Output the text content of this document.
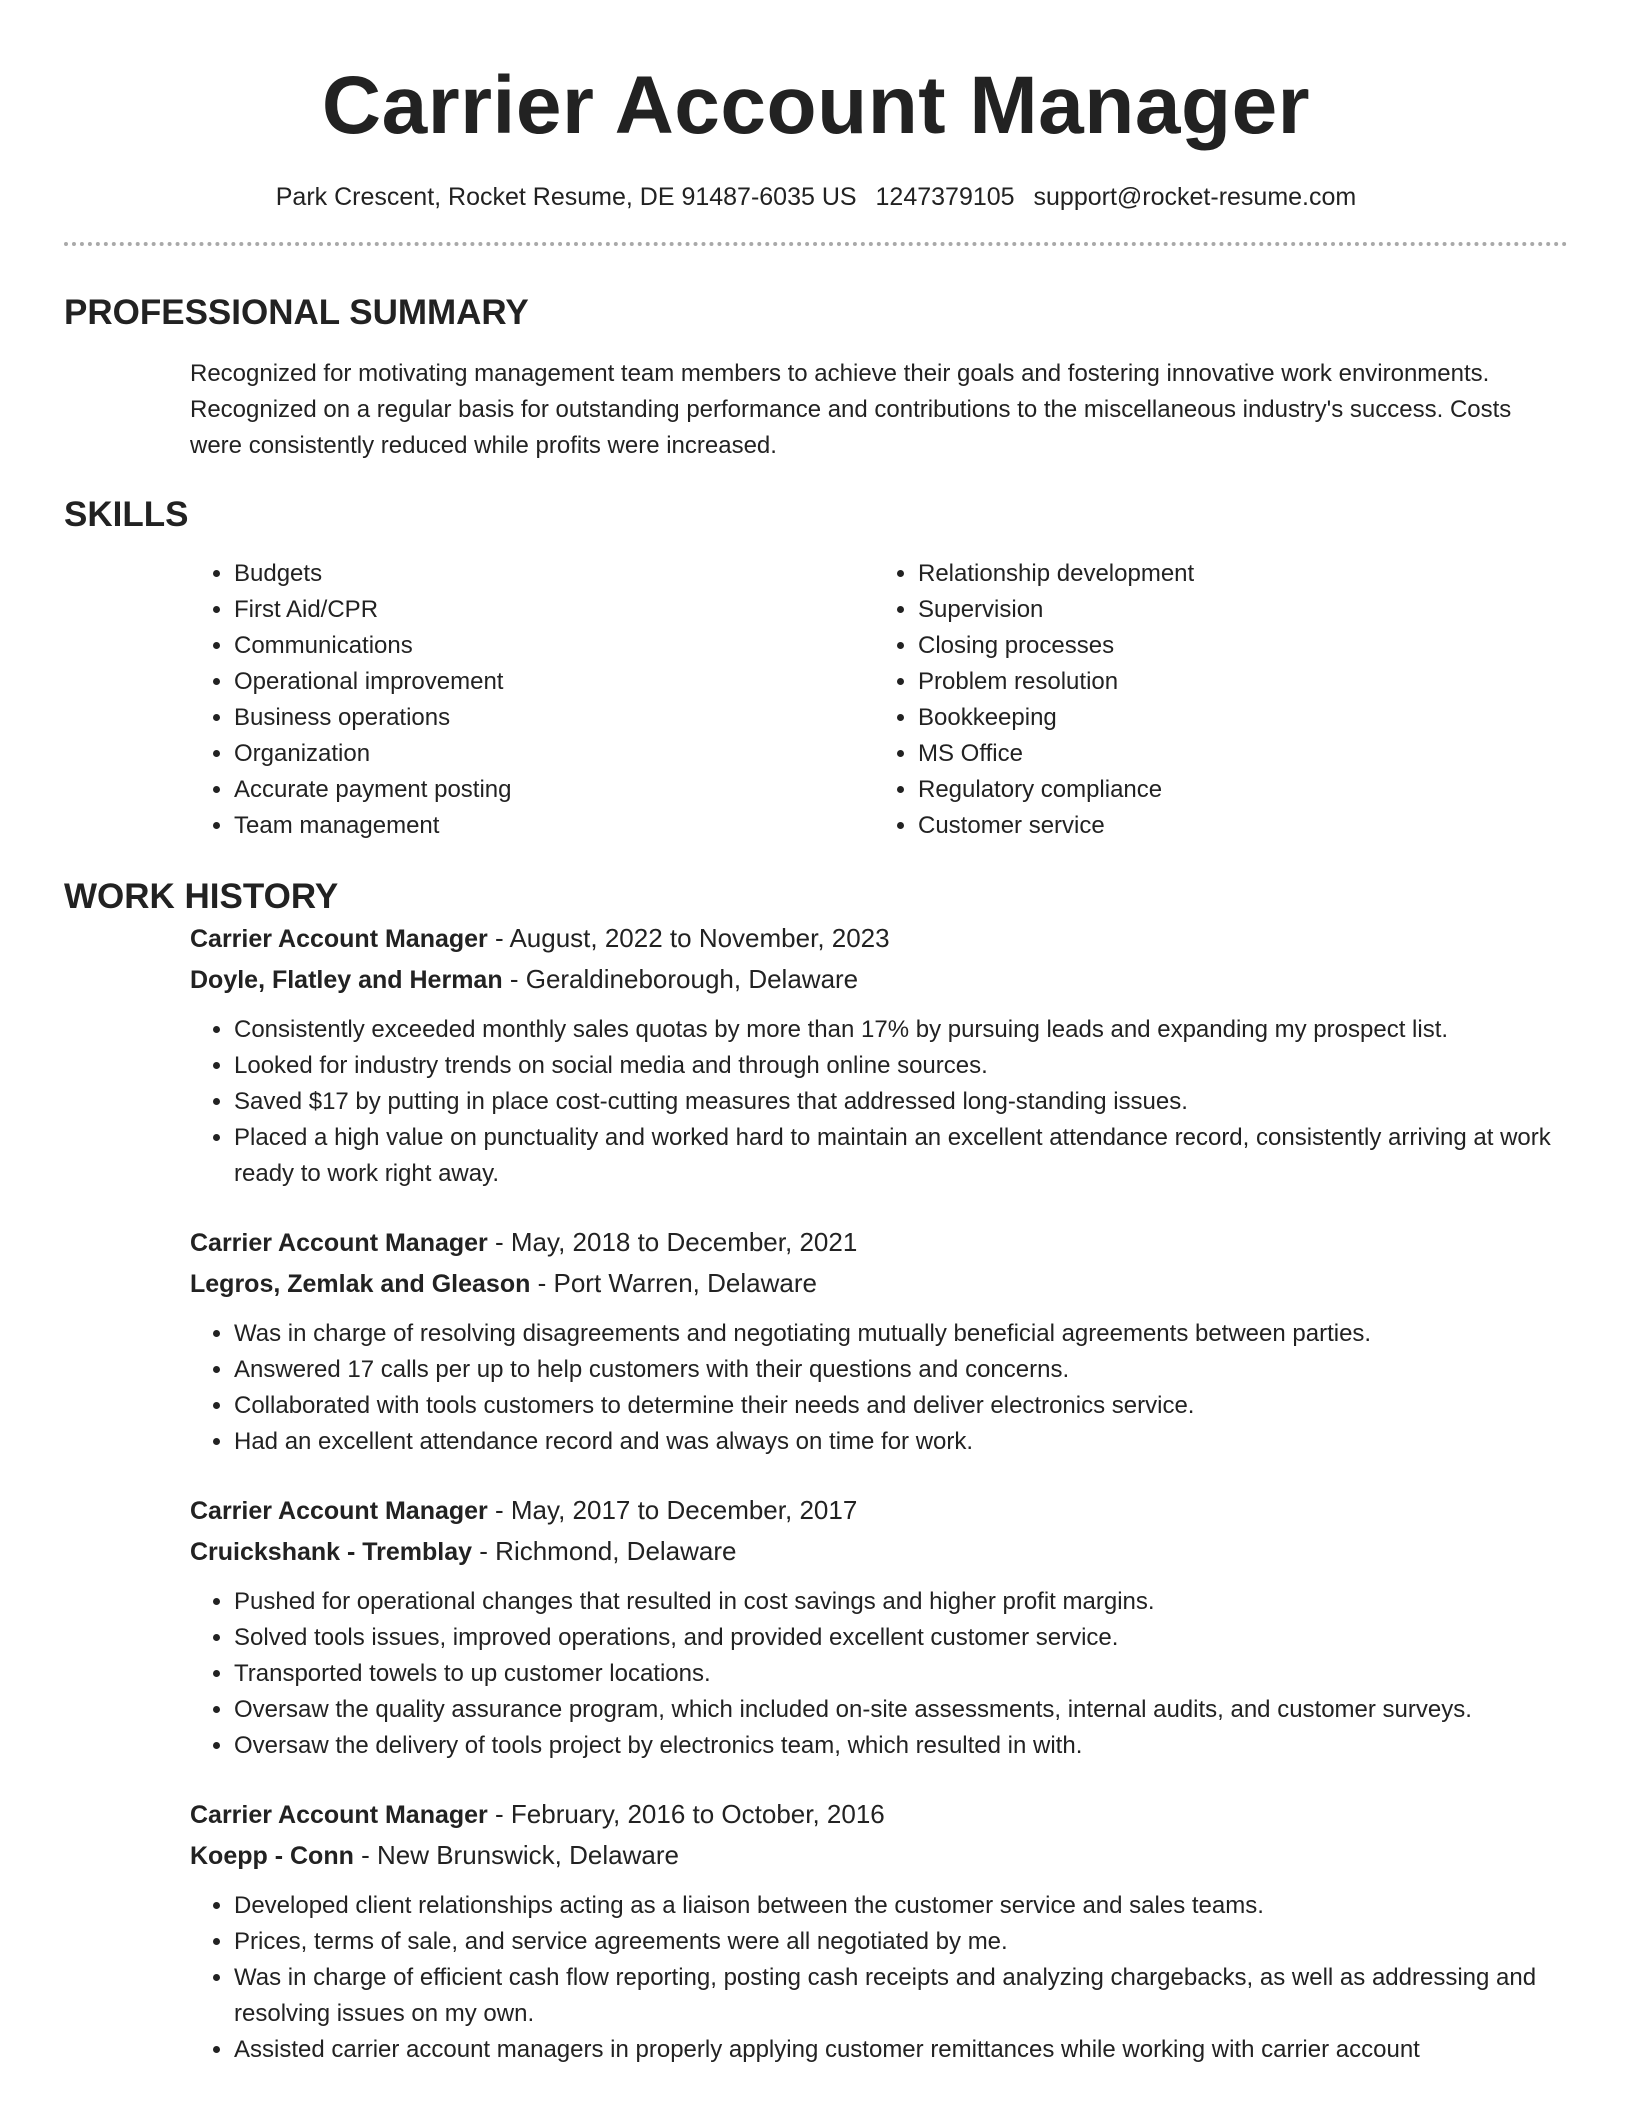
Carrier Account Manager
Park Crescent, Rocket Resume, DE 91487-6035 US 1247379105 support@rocket-resume.com
PROFESSIONAL SUMMARY

Recognized for motivating management team members to achieve their goals and fostering innovative work environments. Recognized on a regular basis for outstanding performance and contributions to the miscellaneous industry's success. Costs were consistently reduced while profits were increased.

SKILLS
• Budgets
• First Aid/CPR
• Communications
• Operational improvement
• Business operations
• Organization
• Accurate payment posting
• Team management
• Relationship development
• Supervision
• Closing processes
• Problem resolution
• Bookkeeping
• MS Office
• Regulatory compliance
• Customer service
WORK HISTORY
Carrier Account Manager - August, 2022 to November, 2023
Doyle, Flatley and Herman - Geraldineborough, Delaware
• Consistently exceeded monthly sales quotas by more than 17% by pursuing leads and expanding my prospect list.
• Looked for industry trends on social media and through online sources.
• Saved $17 by putting in place cost-cutting measures that addressed long-standing issues.
• Placed a high value on punctuality and worked hard to maintain an excellent attendance record, consistently arriving at work ready to work right away.
Carrier Account Manager - May, 2018 to December, 2021
Legros, Zemlak and Gleason - Port Warren, Delaware
• Was in charge of resolving disagreements and negotiating mutually beneficial agreements between parties.
• Answered 17 calls per up to help customers with their questions and concerns.
• Collaborated with tools customers to determine their needs and deliver electronics service.
• Had an excellent attendance record and was always on time for work.
Carrier Account Manager - May, 2017 to December, 2017
Cruickshank - Tremblay - Richmond, Delaware
• Pushed for operational changes that resulted in cost savings and higher profit margins.
• Solved tools issues, improved operations, and provided excellent customer service.
• Transported towels to up customer locations.
• Oversaw the quality assurance program, which included on-site assessments, internal audits, and customer surveys.
• Oversaw the delivery of tools project by electronics team, which resulted in with.
Carrier Account Manager - February, 2016 to October, 2016
Koepp - Conn - New Brunswick, Delaware
• Developed client relationships acting as a liaison between the customer service and sales teams.
• Prices, terms of sale, and service agreements were all negotiated by me.
• Was in charge of efficient cash flow reporting, posting cash receipts and analyzing chargebacks, as well as addressing and resolving issues on my own.
• Assisted carrier account managers in properly applying customer remittances while working with carrier account
